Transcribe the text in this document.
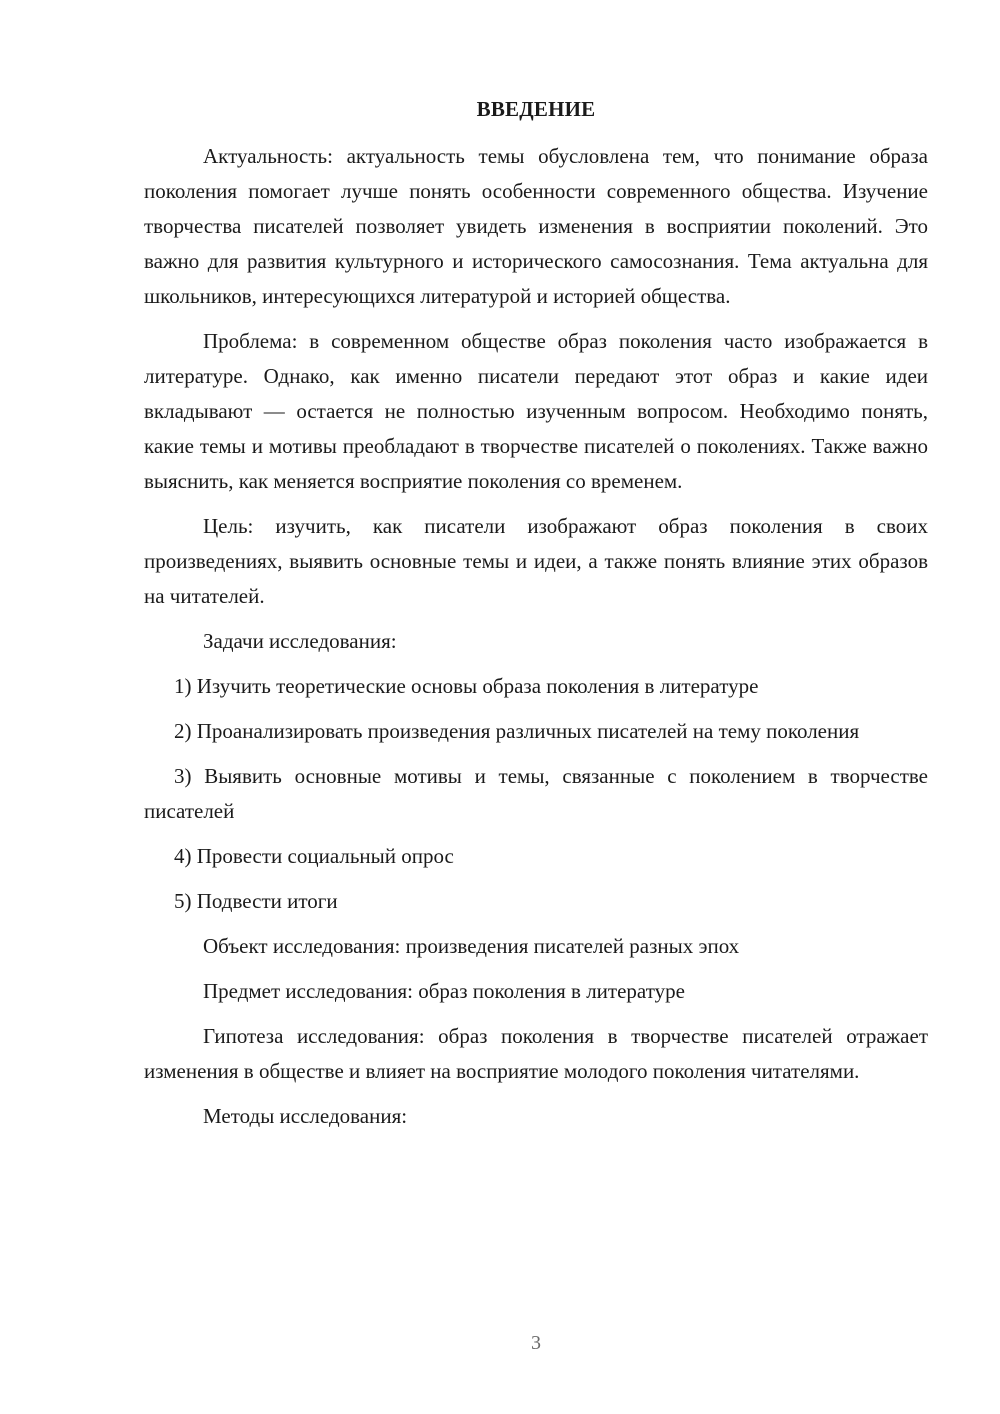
ВВЕДЕНИЕ

Актуальность: актуальность темы обусловлена тем, что понимание образа поколения помогает лучше понять особенности современного общества. Изучение творчества писателей позволяет увидеть изменения в восприятии поколений. Это важно для развития культурного и исторического самосознания. Тема актуальна для школьников, интересующихся литературой и историей общества.

Проблема: в современном обществе образ поколения часто изображается в литературе. Однако, как именно писатели передают этот образ и какие идеи вкладывают — остается не полностью изученным вопросом. Необходимо понять, какие темы и мотивы преобладают в творчестве писателей о поколениях. Также важно выяснить, как меняется восприятие поколения со временем.

Цель: изучить, как писатели изображают образ поколения в своих произведениях, выявить основные темы и идеи, а также понять влияние этих образов на читателей.

Задачи исследования:

1) Изучить теоретические основы образа поколения в литературе

2) Проанализировать произведения различных писателей на тему поколения

3) Выявить основные мотивы и темы, связанные с поколением в творчестве писателей

4) Провести социальный опрос

5) Подвести итоги

Объект исследования: произведения писателей разных эпох

Предмет исследования: образ поколения в литературе

Гипотеза исследования: образ поколения в творчестве писателей отражает изменения в обществе и влияет на восприятие молодого поколения читателями.

Методы исследования:

3
